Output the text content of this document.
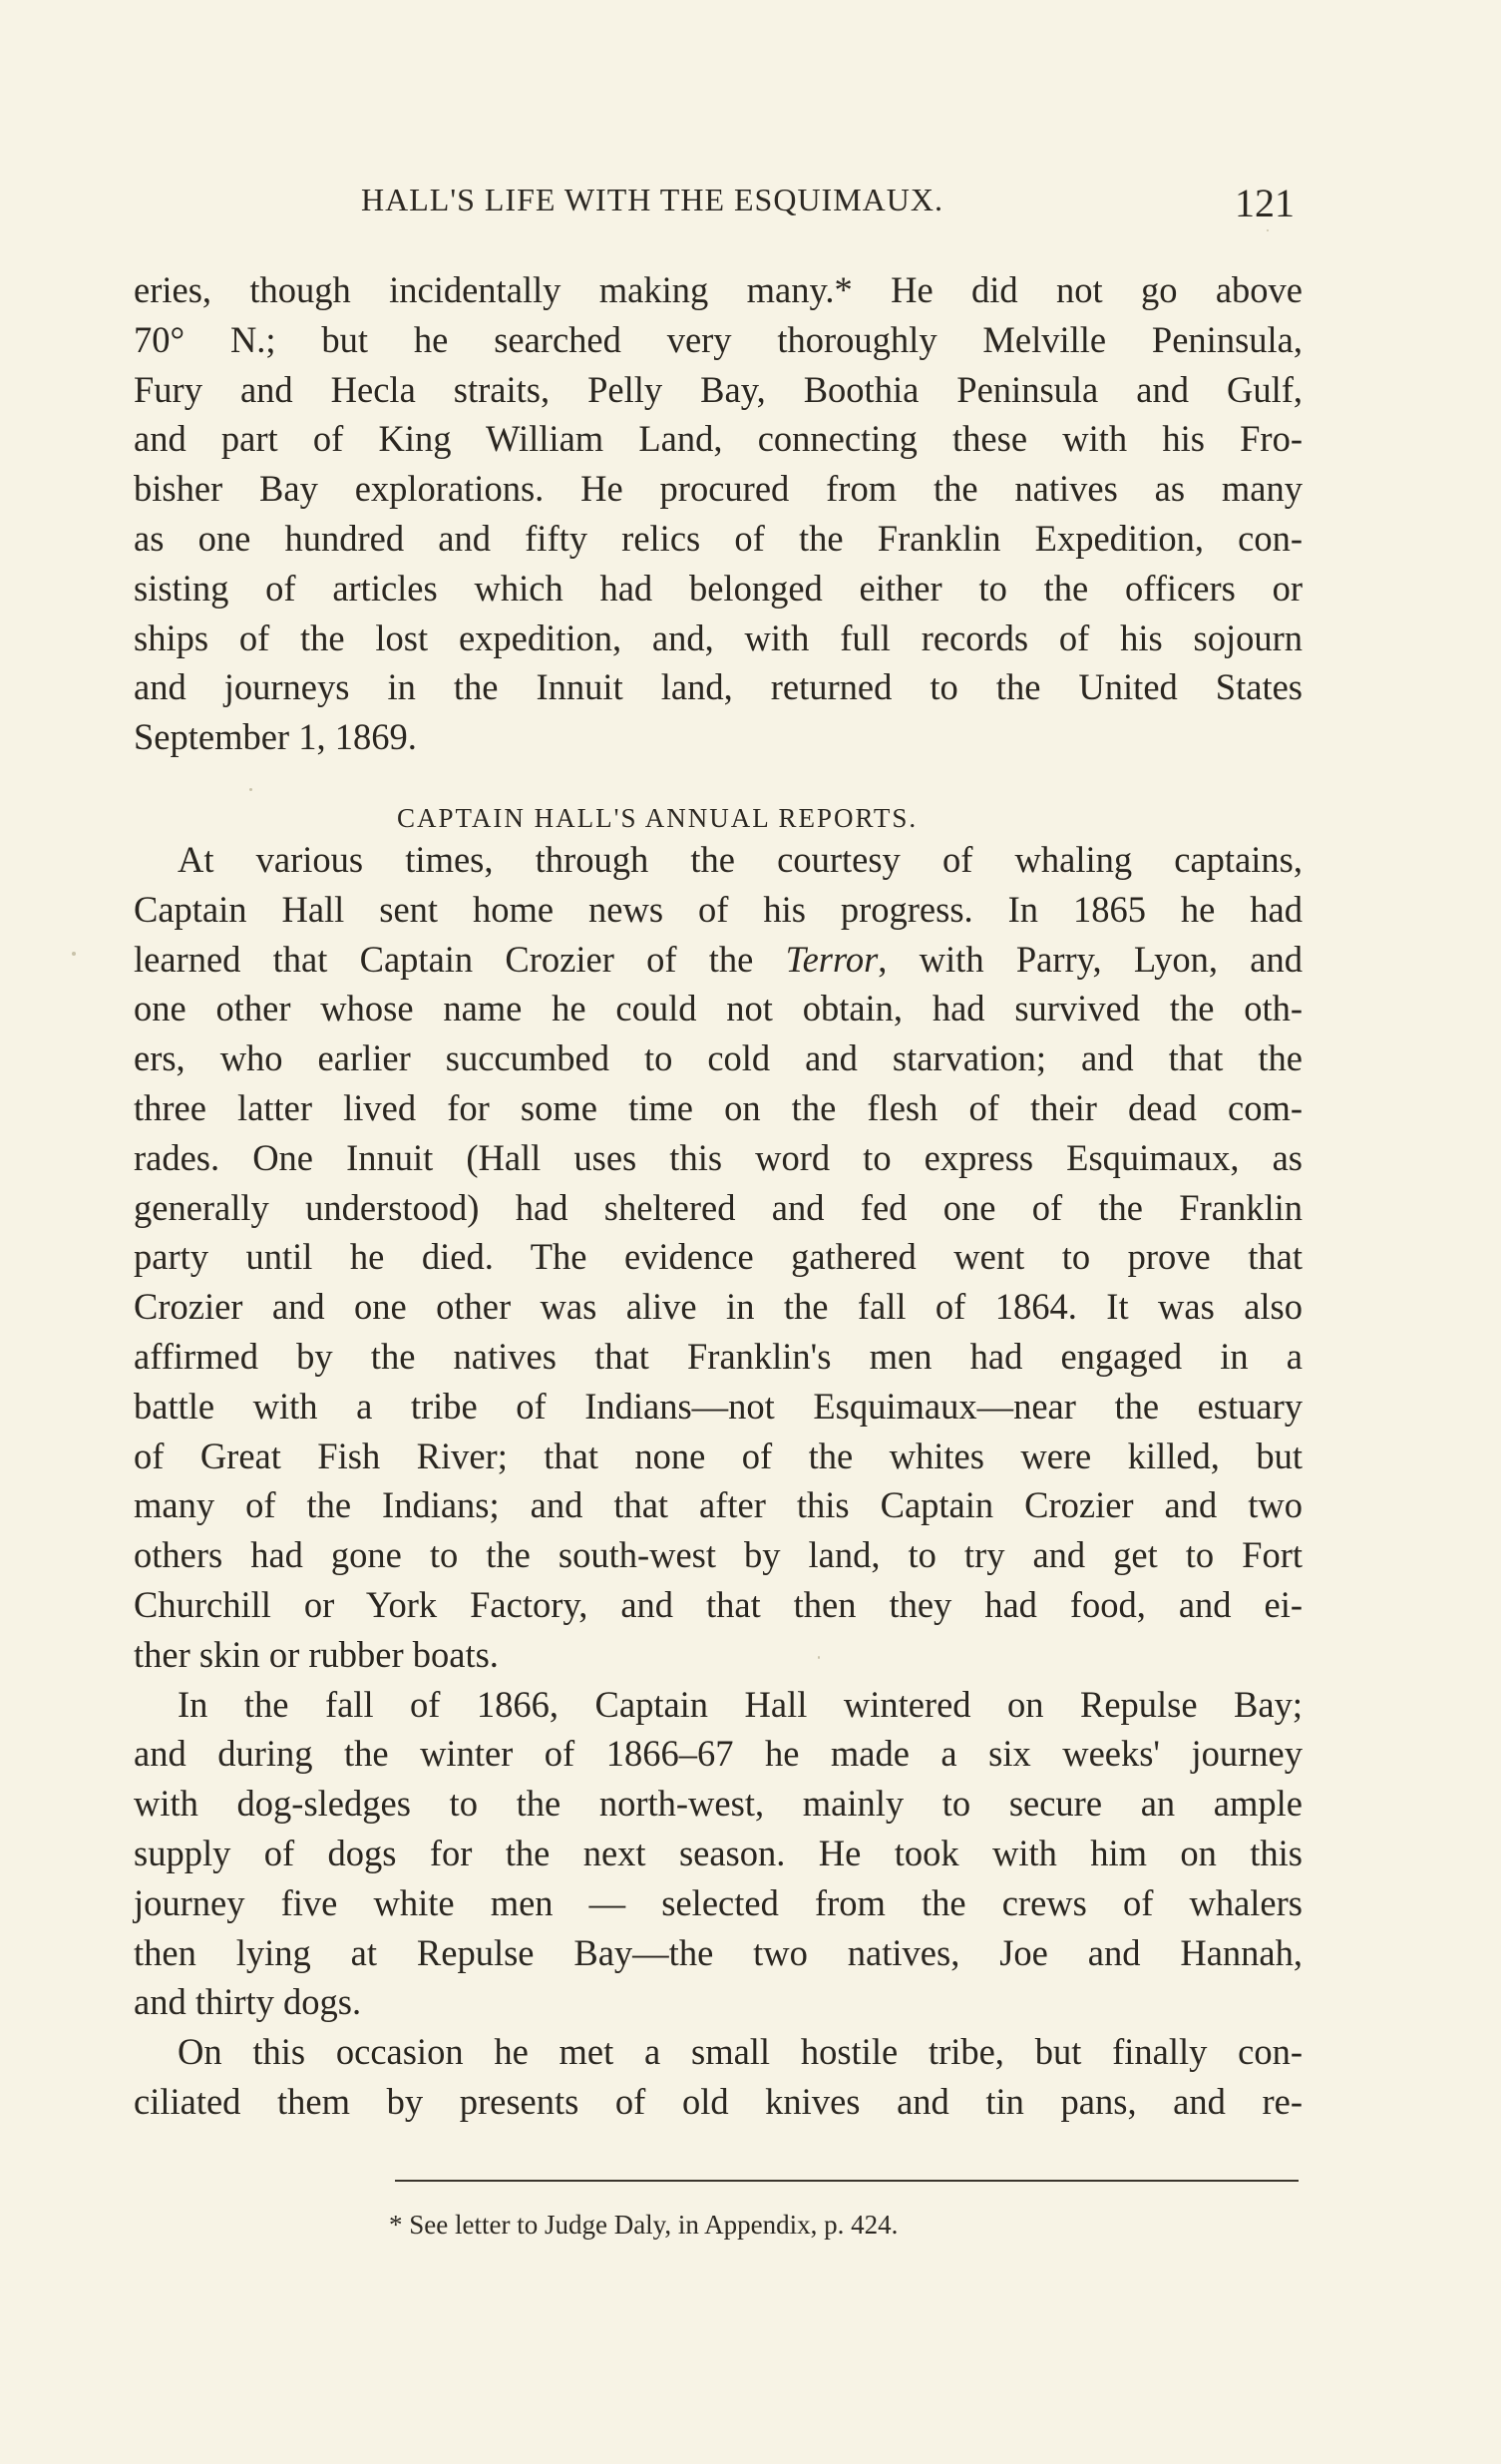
HALL'S LIFE WITH THE ESQUIMAUX.	121
eries, though incidentally making many.* He did not go above
70° N.; but he searched very thoroughly Melville Peninsula,
Fury and Hecla straits, Pelly Bay, Boothia Peninsula and Gulf,
and part of King William Land, connecting these with his Fro-
bisher Bay explorations. He procured from the natives as many
as one hundred and fifty relics of the Franklin Expedition, con-
sisting of articles which had belonged either to the officers or
ships of the lost expedition, and, with full records of his sojourn
and journeys in the Innuit land, returned to the United States
September 1, 1869.
CAPTAIN HALL'S ANNUAL REPORTS.
At various times, through the courtesy of whaling captains,
Captain Hall sent home news of his progress. In 1865 he had
learned that Captain Crozier of the Terror, with Parry, Lyon, and
one other whose name he could not obtain, had survived the oth-
ers, who earlier succumbed to cold and starvation; and that the
three latter lived for some time on the flesh of their dead com-
rades. One Innuit (Hall uses this word to express Esquimaux, as
generally understood) had sheltered and fed one of the Franklin
party until he died. The evidence gathered went to prove that
Crozier and one other was alive in the fall of 1864. It was also
affirmed by the natives that Franklin's men had engaged in a
battle with a tribe of Indians—not Esquimaux—near the estuary
of Great Fish River; that none of the whites were killed, but
many of the Indians; and that after this Captain Crozier and two
others had gone to the south-west by land, to try and get to Fort
Churchill or York Factory, and that then they had food, and ei-
ther skin or rubber boats.
In the fall of 1866, Captain Hall wintered on Repulse Bay;
and during the winter of 1866–67 he made a six weeks' journey
with dog-sledges to the north-west, mainly to secure an ample
supply of dogs for the next season. He took with him on this
journey five white men — selected from the crews of whalers
then lying at Repulse Bay—the two natives, Joe and Hannah,
and thirty dogs.
On this occasion he met a small hostile tribe, but finally con-
ciliated them by presents of old knives and tin pans, and re-
* See letter to Judge Daly, in Appendix, p. 424.
